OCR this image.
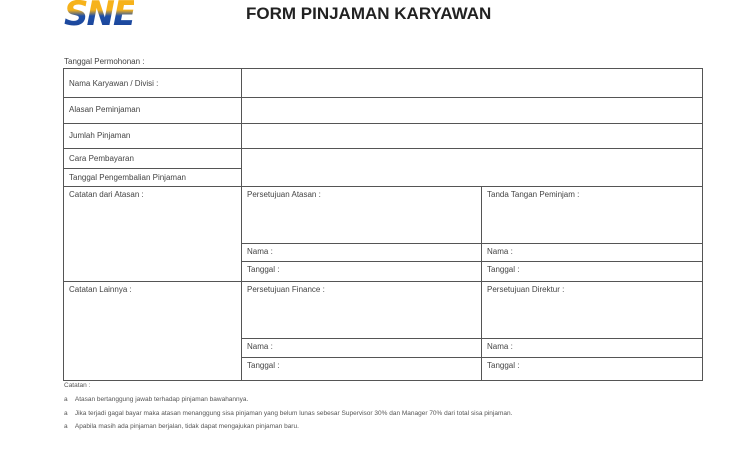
SNE	FORM PINJAMAN KARYAWAN
Tanggal Permohonan :
Nama Karyawan / Divisi :
Alasan Peminjaman
Jumlah Pinjaman
Cara Pembayaran
Tanggal Pengembalian Pinjaman
Catatan dari Atasan :	Persetujuan Atasan :	Tanda Tangan Peminjam :
Nama :	Nama :
Tanggal :	Tanggal :
Catatan Lainnya :	Persetujuan Finance :	Persetujuan Direktur :
Nama :	Nama :
Tanggal :	Tanggal :
Catatan :
a Atasan bertanggung jawab terhadap pinjaman bawahannya.
a Jika terjadi gagal bayar maka atasan menanggung sisa pinjaman yang belum lunas sebesar Supervisor 30% dan Manager 70% dari total sisa pinjaman.
a Apabila masih ada pinjaman berjalan, tidak dapat mengajukan pinjaman baru.
